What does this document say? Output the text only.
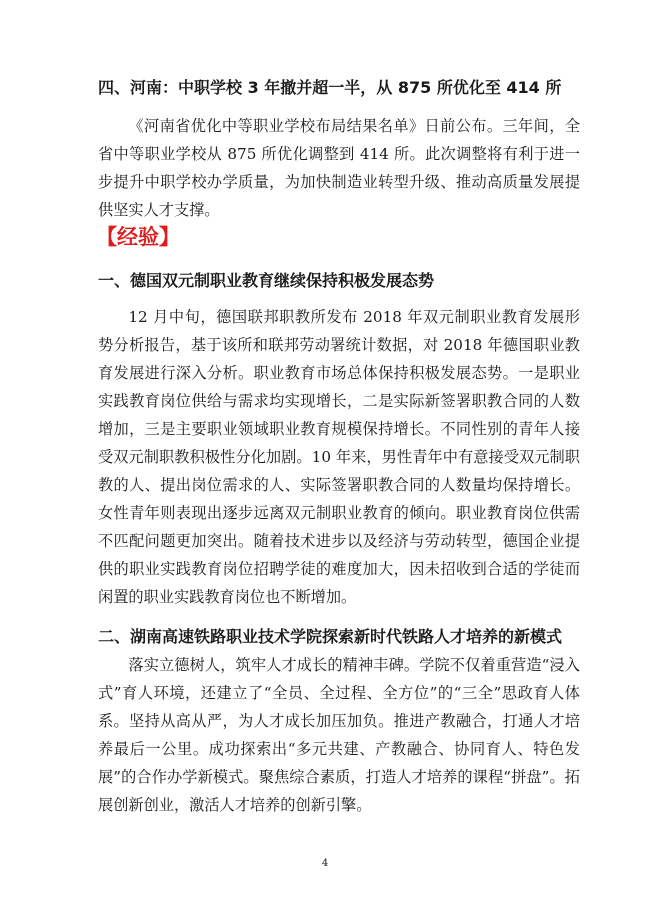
四、河南：中职学校 3 年撤并超一半，从 875 所优化至 414 所

《河南省优化中等职业学校布局结果名单》日前公布。三年间，全省中等职业学校从 875 所优化调整到 414 所。此次调整将有利于进一步提升中职学校办学质量，为加快制造业转型升级、推动高质量发展提供坚实人才支撑。

【经验】
一、德国双元制职业教育继续保持积极发展态势

12 月中旬，德国联邦职教所发布 2018 年双元制职业教育发展形势分析报告，基于该所和联邦劳动署统计数据，对 2018 年德国职业教育发展进行深入分析。职业教育市场总体保持积极发展态势。一是职业实践教育岗位供给与需求均实现增长，二是实际新签署职教合同的人数增加，三是主要职业领域职业教育规模保持增长。不同性别的青年人接受双元制职教积极性分化加剧。10 年来，男性青年中有意接受双元制职教的人、提出岗位需求的人、实际签署职教合同的人数量均保持增长。女性青年则表现出逐步远离双元制职业教育的倾向。职业教育岗位供需不匹配问题更加突出。随着技术进步以及经济与劳动转型，德国企业提供的职业实践教育岗位招聘学徒的难度加大，因未招收到合适的学徒而闲置的职业实践教育岗位也不断增加。

二、湖南高速铁路职业技术学院探索新时代铁路人才培养的新模式

落实立德树人，筑牢人才成长的精神丰碑。学院不仅着重营造“浸入式”育人环境，还建立了“全员、全过程、全方位”的“三全”思政育人体系。坚持从高从严，为人才成长加压加负。推进产教融合，打通人才培养最后一公里。成功探索出“多元共建、产教融合、协同育人、特色发展”的合作办学新模式。聚焦综合素质，打造人才培养的课程“拼盘”。拓展创新创业，激活人才培养的创新引擎。

4
